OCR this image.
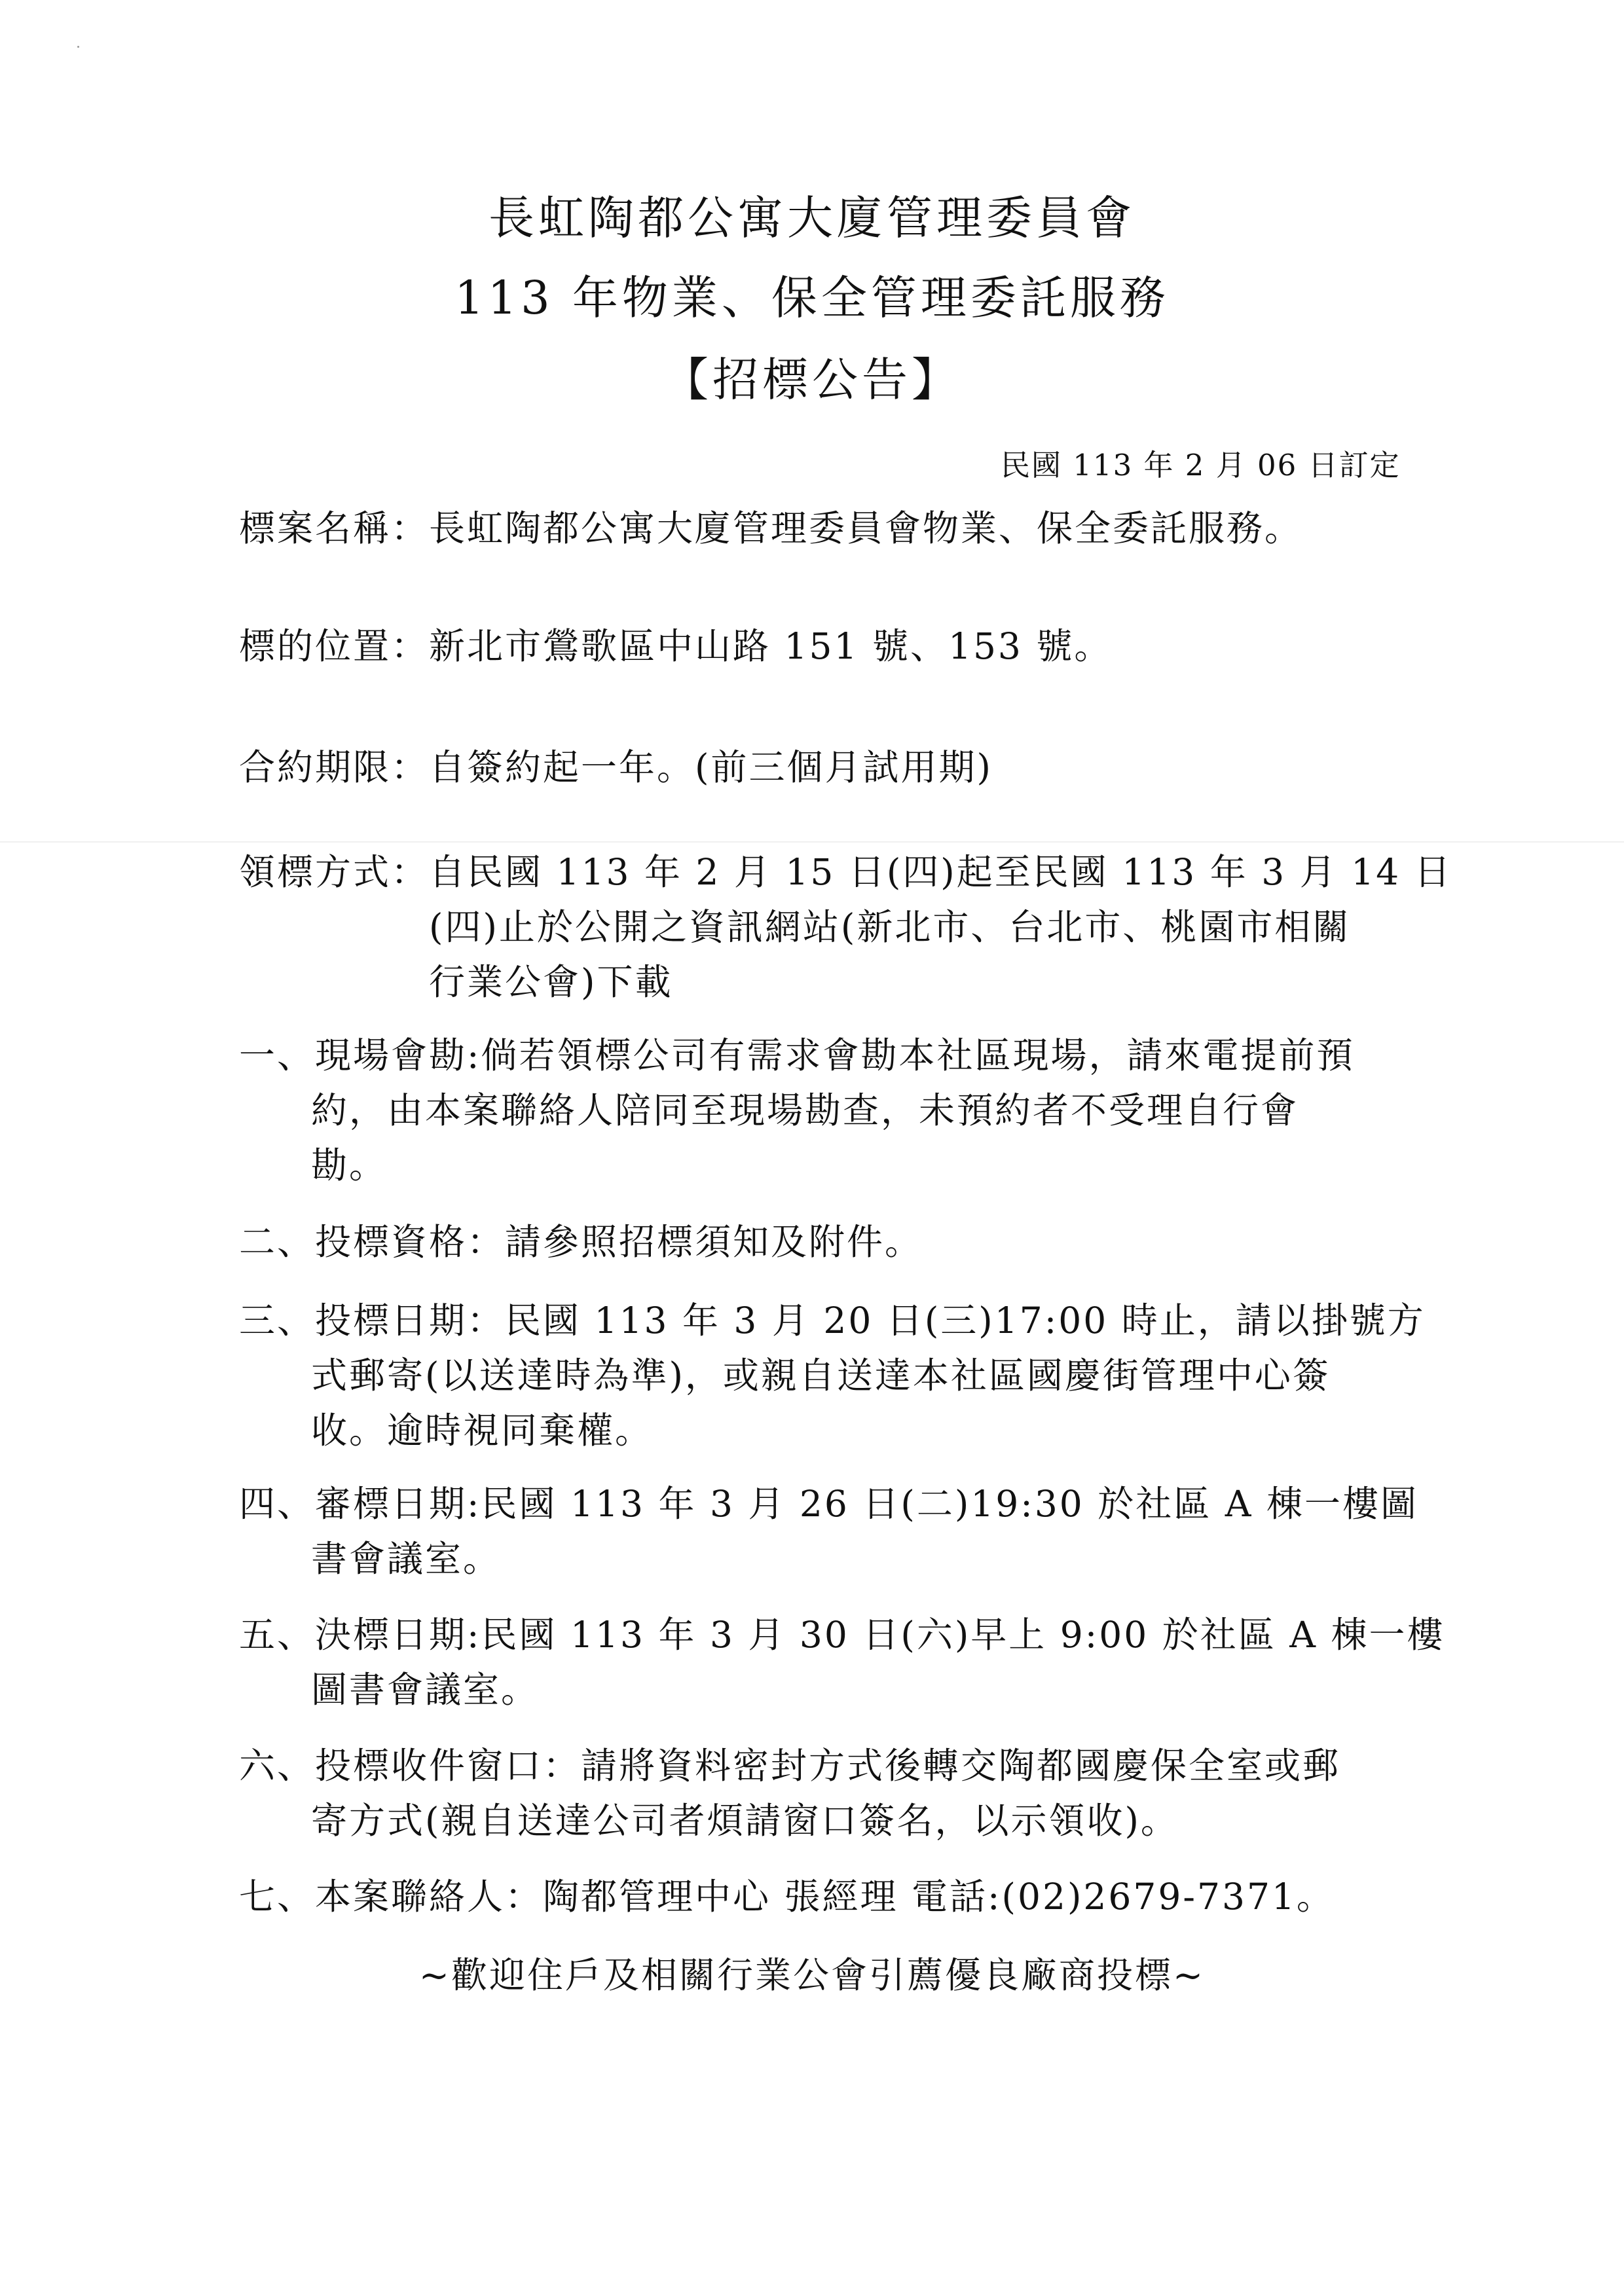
長虹陶都公寓大廈管理委員會
113 年物業、保全管理委託服務
【招標公告】
民國 113 年 2 月 06 日訂定
標案名稱：長虹陶都公寓大廈管理委員會物業、保全委託服務。
標的位置：新北市鶯歌區中山路 151 號、153 號。
合約期限：自簽約起一年。(前三個月試用期)
領標方式：自民國 113 年 2 月 15 日(四)起至民國 113 年 3 月 14 日
(四)止於公開之資訊網站(新北市、台北市、桃園市相關
行業公會)下載
一、現場會勘:倘若領標公司有需求會勘本社區現場，請來電提前預
約，由本案聯絡人陪同至現場勘查，未預約者不受理自行會
勘。
二、投標資格：請參照招標須知及附件。
三、投標日期：民國 113 年 3 月 20 日(三)17:00 時止，請以掛號方
式郵寄(以送達時為準)，或親自送達本社區國慶街管理中心簽
收。逾時視同棄權。
四、審標日期:民國 113 年 3 月 26 日(二)19:30 於社區 A 棟一樓圖
書會議室。
五、決標日期:民國 113 年 3 月 30 日(六)早上 9:00 於社區 A 棟一樓
圖書會議室。
六、投標收件窗口：請將資料密封方式後轉交陶都國慶保全室或郵
寄方式(親自送達公司者煩請窗口簽名，以示領收)。
七、本案聯絡人：陶都管理中心 張經理 電話:(02)2679-7371。
~歡迎住戶及相關行業公會引薦優良廠商投標~
